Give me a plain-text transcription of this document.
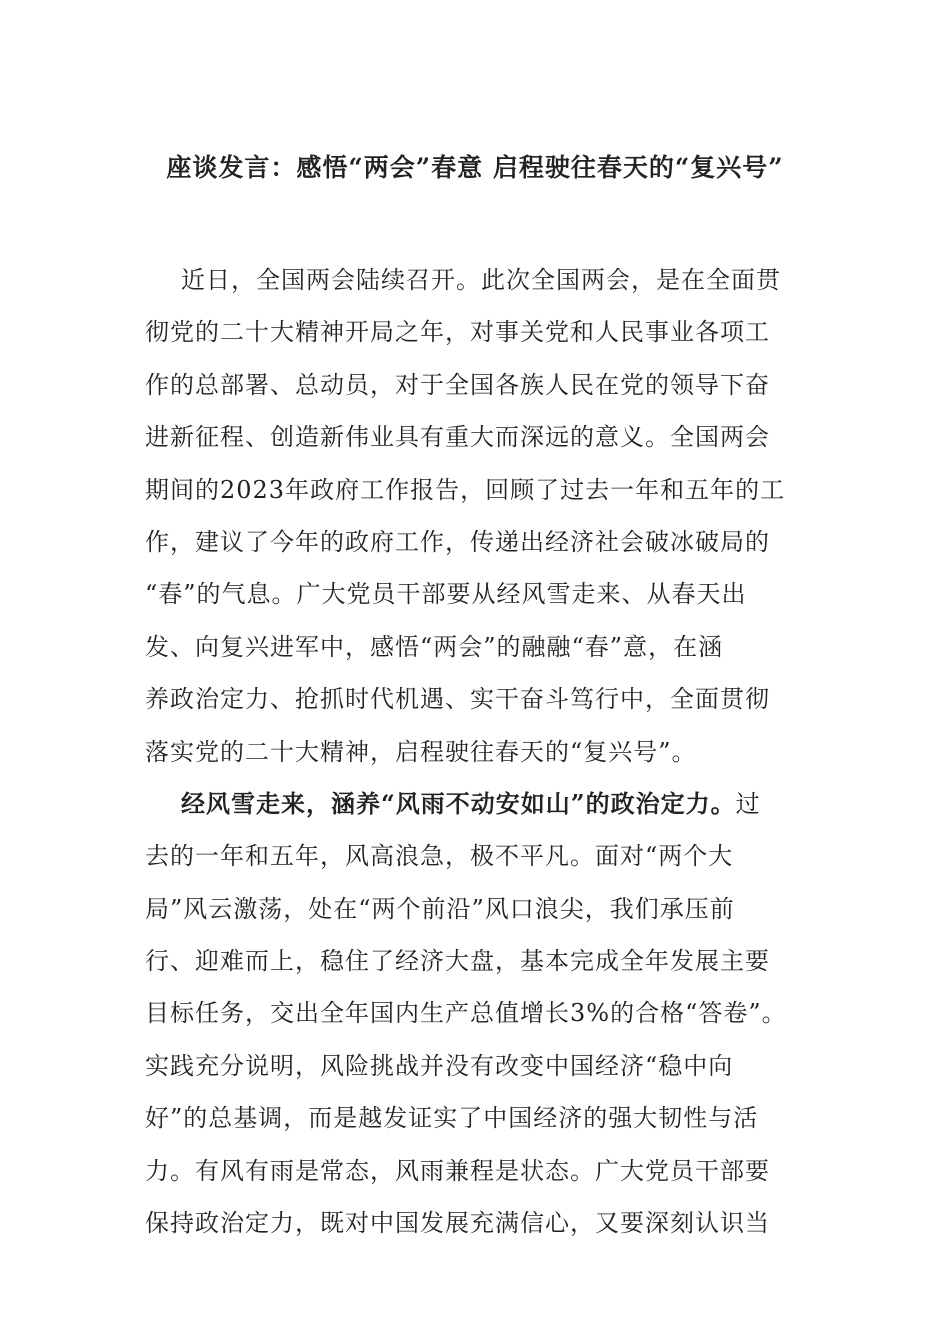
座谈发言：感悟“两会”春意 启程驶往春天的“复兴号”
近日，全国两会陆续召开。此次全国两会，是在全面贯
彻党的二十大精神开局之年，对事关党和人民事业各项工
作的总部署、总动员，对于全国各族人民在党的领导下奋
进新征程、创造新伟业具有重大而深远的意义。全国两会
期间的2023年政府工作报告，回顾了过去一年和五年的工
作，建议了今年的政府工作，传递出经济社会破冰破局的
“春”的气息。广大党员干部要从经风雪走来、从春天出
发、向复兴进军中，感悟“两会”的融融“春”意，在涵
养政治定力、抢抓时代机遇、实干奋斗笃行中，全面贯彻
落实党的二十大精神，启程驶往春天的“复兴号”。
经风雪走来，涵养“风雨不动安如山”的政治定力。过
去的一年和五年，风高浪急，极不平凡。面对“两个大
局”风云激荡，处在“两个前沿”风口浪尖，我们承压前
行、迎难而上，稳住了经济大盘，基本完成全年发展主要
目标任务，交出全年国内生产总值增长3%的合格“答卷”。
实践充分说明，风险挑战并没有改变中国经济“稳中向
好”的总基调，而是越发证实了中国经济的强大韧性与活
力。有风有雨是常态，风雨兼程是状态。广大党员干部要
保持政治定力，既对中国发展充满信心，又要深刻认识当
